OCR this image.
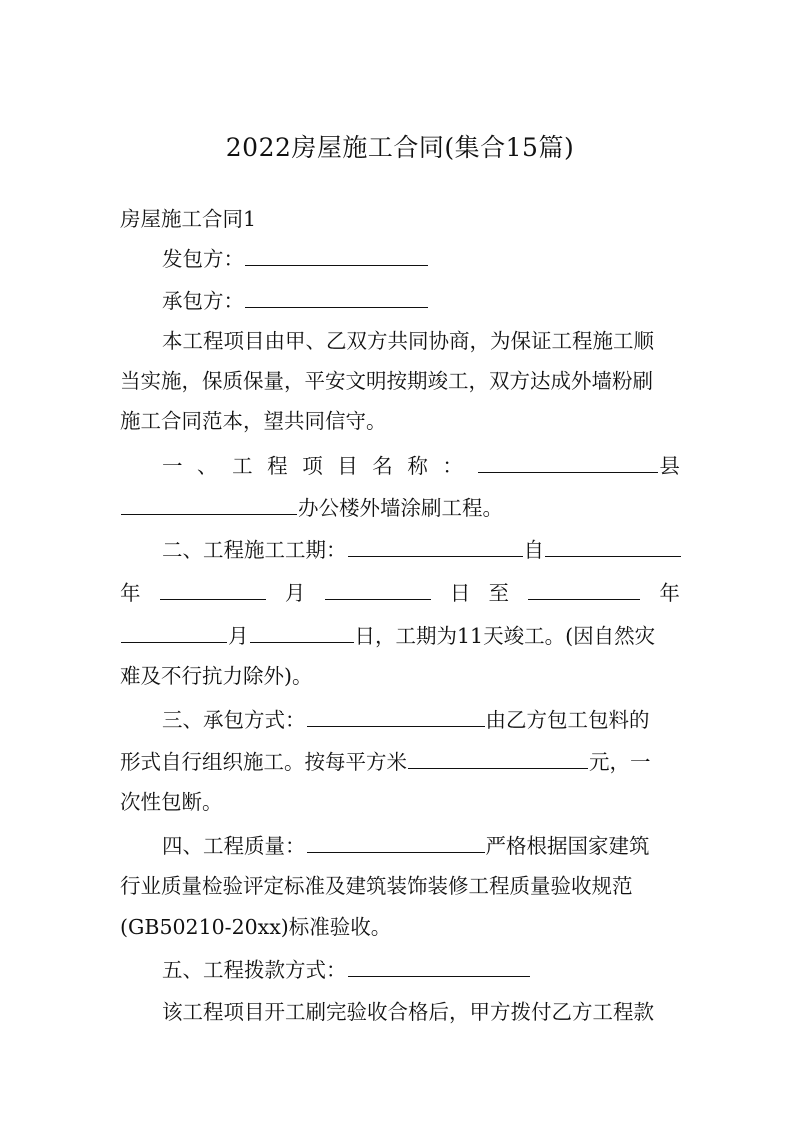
2022房屋施工合同(集合15篇)
房屋施工合同1
发包方：
承包方：
本工程项目由甲、乙双方共同协商，为保证工程施工顺
当实施，保质保量，平安文明按期竣工，双方达成外墙粉刷
施工合同范本，望共同信守。
一 、 工 程 项 目 名 称 ：	县
办公楼外墙涂刷工程。
二、工程施工工期：	自
年	月	日 至	年
月	日，工期为11天竣工。(因自然灾
难及不行抗力除外)。
三、承包方式：	由乙方包工包料的
形式自行组织施工。按每平方米	元，一
次性包断。
四、工程质量：	严格根据国家建筑
行业质量检验评定标准及建筑装饰装修工程质量验收规范
(GB50210-20xx)标准验收。
五、工程拨款方式：
该工程项目开工刷完验收合格后，甲方拨付乙方工程款
